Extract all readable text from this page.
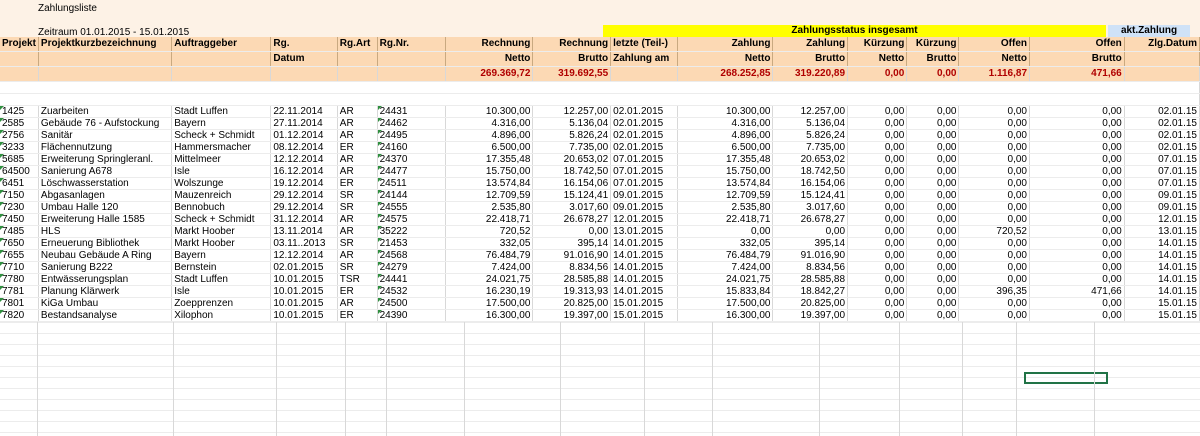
Zahlungsliste
Zeitraum 01.01.2015 - 15.01.2015	Zahlungsstatus insgesamt	akt.Zahlung
Projekt	Projektkurzbezeichnung	Auftraggeber	Rg.	Rg.Art	Rg.Nr.	Rechnung	Rechnung	letzte (Teil-)	Zahlung	Zahlung	Kürzung	Kürzung	Offen	Offen	Zlg.Datum
			Datum			Netto	Brutto	Zahlung am	Netto	Brutto	Netto	Brutto	Netto	Brutto	
						269.369,72	319.692,55		268.252,85	319.220,89	0,00	0,00	1.116,87	471,66	

1425	Zuarbeiten	Stadt Luffen	22.11.2014	AR	24431	10.300,00	12.257,00	02.01.2015	10.300,00	12.257,00	0,00	0,00	0,00	0,00	02.01.15
2585	Gebäude 76 - Aufstockung	Bayern	27.11.2014	AR	24462	4.316,00	5.136,04	02.01.2015	4.316,00	5.136,04	0,00	0,00	0,00	0,00	02.01.15
2756	Sanitär	Scheck + Schmidt	01.12.2014	AR	24495	4.896,00	5.826,24	02.01.2015	4.896,00	5.826,24	0,00	0,00	0,00	0,00	02.01.15
3233	Flächennutzung	Hammersmacher	08.12.2014	ER	24160	6.500,00	7.735,00	02.01.2015	6.500,00	7.735,00	0,00	0,00	0,00	0,00	02.01.15
5685	Erweiterung Springleranl.	Mittelmeer	12.12.2014	AR	24370	17.355,48	20.653,02	07.01.2015	17.355,48	20.653,02	0,00	0,00	0,00	0,00	07.01.15
64500	Sanierung A678	Isle	16.12.2014	AR	24477	15.750,00	18.742,50	07.01.2015	15.750,00	18.742,50	0,00	0,00	0,00	0,00	07.01.15
6451	Löschwasserstation	Wolszunge	19.12.2014	ER	24511	13.574,84	16.154,06	07.01.2015	13.574,84	16.154,06	0,00	0,00	0,00	0,00	07.01.15
7150	Abgasanlagen	Mauzenreich	29.12.2014	SR	24144	12.709,59	15.124,41	09.01.2015	12.709,59	15.124,41	0,00	0,00	0,00	0,00	09.01.15
7230	Umbau Halle 120	Bennobuch	29.12.2014	SR	24555	2.535,80	3.017,60	09.01.2015	2.535,80	3.017,60	0,00	0,00	0,00	0,00	09.01.15
7450	Erweiterung Halle 1585	Scheck + Schmidt	31.12.2014	AR	24575	22.418,71	26.678,27	12.01.2015	22.418,71	26.678,27	0,00	0,00	0,00	0,00	12.01.15
7485	HLS	Markt Hoober	13.11.2014	AR	35222	720,52	0,00	13.01.2015	0,00	0,00	0,00	0,00	720,52	0,00	13.01.15
7650	Erneuerung Bibliothek	Markt Hoober	03.11..2013	SR	21453	332,05	395,14	14.01.2015	332,05	395,14	0,00	0,00	0,00	0,00	14.01.15
7655	Neubau Gebäude A Ring	Bayern	12.12.2014	AR	24568	76.484,79	91.016,90	14.01.2015	76.484,79	91.016,90	0,00	0,00	0,00	0,00	14.01.15
7710	Sanierung B222	Bernstein	02.01.2015	SR	24279	7.424,00	8.834,56	14.01.2015	7.424,00	8.834,56	0,00	0,00	0,00	0,00	14.01.15
7780	Entwässerungsplan	Stadt Luffen	10.01.2015	TSR	24441	24.021,75	28.585,88	14.01.2015	24.021,75	28.585,88	0,00	0,00	0,00	0,00	14.01.15
7781	Planung Klärwerk	Isle	10.01.2015	ER	24532	16.230,19	19.313,93	14.01.2015	15.833,84	18.842,27	0,00	0,00	396,35	471,66	14.01.15
7801	KiGa Umbau	Zoepprenzen	10.01.2015	AR	24500	17.500,00	20.825,00	15.01.2015	17.500,00	20.825,00	0,00	0,00	0,00	0,00	15.01.15
7820	Bestandsanalyse	Xilophon	10.01.2015	ER	24390	16.300,00	19.397,00	15.01.2015	16.300,00	19.397,00	0,00	0,00	0,00	0,00	15.01.15
